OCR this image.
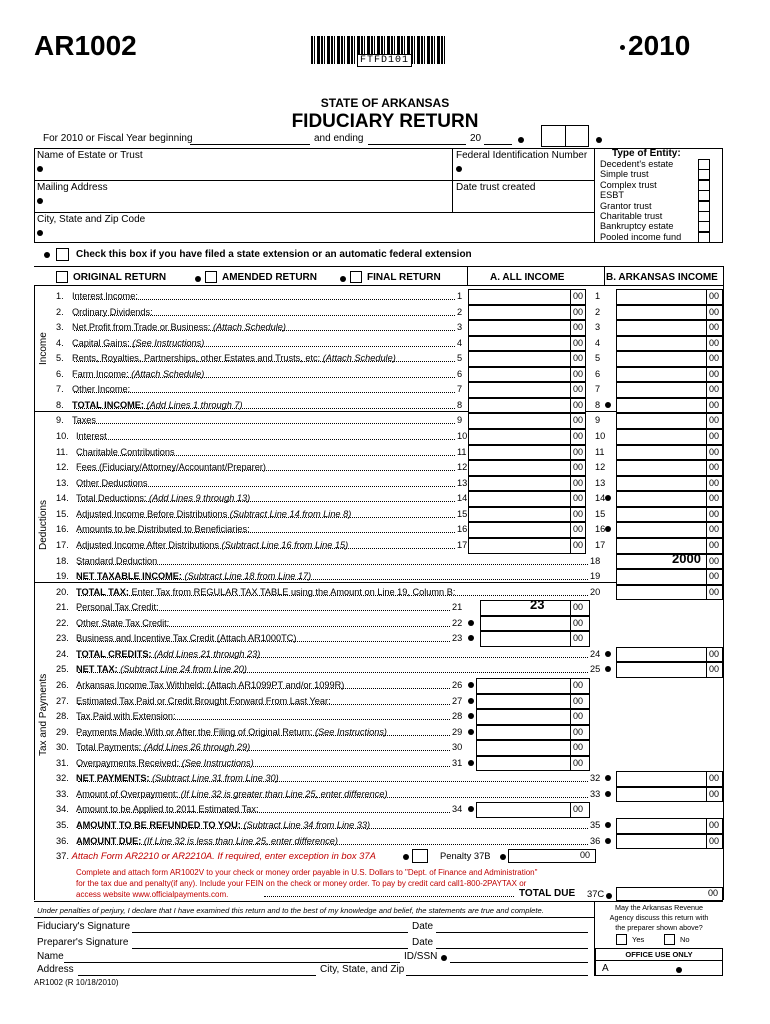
AR1002	FTFD101	2010
STATE OF ARKANSAS
FIDUCIARY RETURN
For 2010 or Fiscal Year beginning	and ending	20
Name of Estate or Trust	Federal Identification Number
Mailing Address	Date trust created
City, State and Zip Code
Type of Entity:
Decedent's estate
Simple trust
Complex trust
ESBT
Grantor trust
Charitable trust
Bankruptcy estate
Pooled income fund
Check this box if you have filed a state extension or an automatic federal extension
ORIGINAL RETURN	AMENDED RETURN	FINAL RETURN	A. ALL INCOME	B. ARKANSAS INCOME
Income
Deductions
Tax and Payments
1. Interest Income:	1	00 1	00
2. Ordinary Dividends:	2	00 2	00
3. Net Profit from Trade or Business: (Attach Schedule)	3	00 3	00
4. Capital Gains: (See Instructions)	4	00 4	00
5. Rents, Royalties, Partnerships, other Estates and Trusts, etc: (Attach Schedule)	5	00 5	00
6. Farm Income: (Attach Schedule)	6	00 6	00
7. Other Income:	7	00 7	00
8. TOTAL INCOME: (Add Lines 1 through 7)	8	00 8	00
9. Taxes	9	00 9	00
10. Interest	10	00 10	00
11. Charitable Contributions	11	00 11	00
12. Fees (Fiduciary/Attorney/Accountant/Preparer)	12	00 12	00
13. Other Deductions	13	00 13	00
14. Total Deductions: (Add Lines 9 through 13)	14	00 14	00
15. Adjusted Income Before Distributions (Subtract Line 14 from Line 8)	15	00 15	00
16. Amounts to be Distributed to Beneficiaries:	16	00 16	00
17. Adjusted Income After Distributions (Subtract Line 16 from Line 15)	17	00 17	00
18. Standard Deduction	18	00
2000
19. NET TAXABLE INCOME: (Subtract Line 18 from Line 17)	19	00
20. TOTAL TAX: Enter Tax from REGULAR TAX TABLE using the Amount on Line 19, Column B:	20	00
21. Personal Tax Credit:	21	00
23
22. Other State Tax Credit:	22	00
23. Business and Incentive Tax Credit (Attach AR1000TC)	23	00
24. TOTAL CREDITS: (Add Lines 21 through 23)	24	00
25. NET TAX: (Subtract Line 24 from Line 20)	25	00
26. Arkansas Income Tax Withheld: (Attach AR1099PT and/or 1099R)	26	00
27. Estimated Tax Paid or Credit Brought Forward From Last Year:	27	00
28. Tax Paid with Extension:	28	00
29. Payments Made With or After the Filing of Original Return: (See Instructions)	29	00
30. Total Payments: (Add Lines 26 through 29)	30	00
31. Overpayments Received: (See Instructions)	31	00
32. NET PAYMENTS: (Subtract Line 31 from Line 30)	32	00
33. Amount of Overpayment: (If Line 32 is greater than Line 25, enter difference)	33	00
34. Amount to be Applied to 2011 Estimated Tax:	34	00
35. AMOUNT TO BE REFUNDED TO YOU: (Subtract Line 34 from Line 33)	35	00
36. AMOUNT DUE: (If Line 32 is less than Line 25, enter difference)	36	00
37. Attach Form AR2210 or AR2210A. If required, enter exception in box 37A	Penalty 37B	00
Complete and attach form AR1002V to your check or money order payable in U.S. Dollars to "Dept. of Finance and Administration"
for the tax due and penalty(if any). Include your FEIN on the check or money order. To pay by credit card call1-800-2PAYTAX or
access website www.officialpayments.com.	TOTAL DUE 37C	00
Under penalties of perjury, I declare that I have examined this return and to the best of my knowledge and belief, the statements are true and complete.
Fiduciary's Signature	Date
Preparer's Signature	Date
Name	ID/SSN
Address	City, State, and Zip
May the Arkansas Revenue
Agency discuss this return with
the preparer shown above?
Yes	No
OFFICE USE ONLY
A
AR1002 (R 10/18/2010)
